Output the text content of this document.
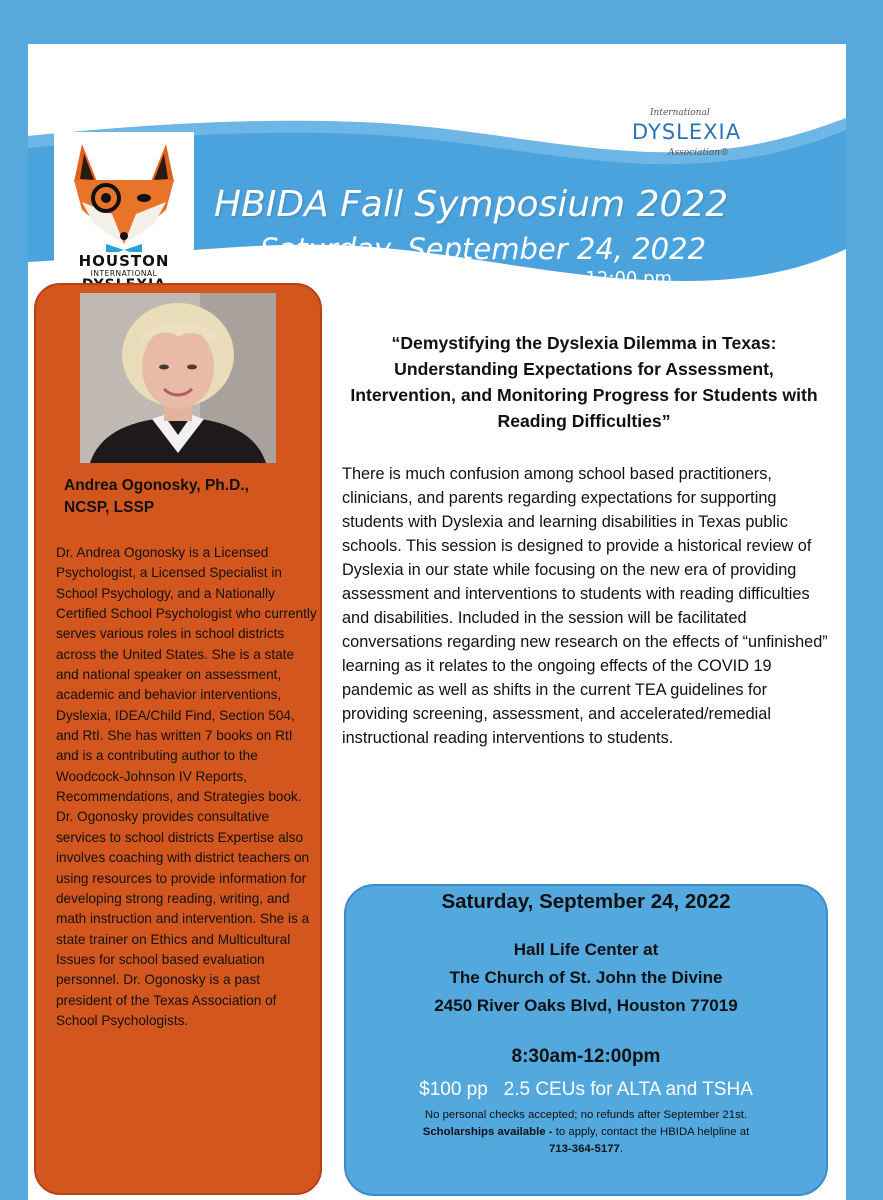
HOUSTON
INTERNATIONAL
International
DYSLEXIA
Association®
HBIDA Fall Symposium 2022
Saturday, September 24, 2022
8:30am-12:00 pm
Andrea Ogonosky, Ph.D.,
NCSP, LSSP
Dr. Andrea Ogonosky is a Licensed Psychologist, a Licensed Specialist in School Psychology, and a Nationally Certified School Psychologist who currently serves various roles in school districts across the United States. She is a state and national speaker on assessment, academic and behavior interventions, Dyslexia, IDEA/Child Find, Section 504, and RtI. She has written 7 books on RtI and is a contributing author to the Woodcock-Johnson IV Reports, Recommendations, and Strategies book. Dr. Ogonosky provides consultative services to school districts Expertise also involves coaching with district teachers on using resources to provide information for developing strong reading, writing, and math instruction and intervention. She is a state trainer on Ethics and Multicultural Issues for school based evaluation personnel. Dr. Ogonosky is a past president of the Texas Association of School Psychologists.
“Demystifying the Dyslexia Dilemma in Texas: Understanding Expectations for Assessment, Intervention, and Monitoring Progress for Students with Reading Difficulties”
There is much confusion among school based practitioners, clinicians, and parents regarding expectations for supporting students with Dyslexia and learning disabilities in Texas public schools. This session is designed to provide a historical review of Dyslexia in our state while focusing on the new era of providing assessment and interventions to students with reading difficulties and disabilities. Included in the session will be facilitated conversations regarding new research on the effects of “unfinished” learning as it relates to the ongoing effects of the COVID 19 pandemic as well as shifts in the current TEA guidelines for providing screening, assessment, and accelerated/remedial instructional reading interventions to students.
Saturday, September 24, 2022
Hall Life Center at
The Church of St. John the Divine
2450 River Oaks Blvd, Houston 77019
8:30am-12:00pm
$100 pp   2.5 CEUs for ALTA and TSHA
No personal checks accepted; no refunds after September 21st.
Scholarships available - to apply, contact the HBIDA helpline at
713-364-5177.
